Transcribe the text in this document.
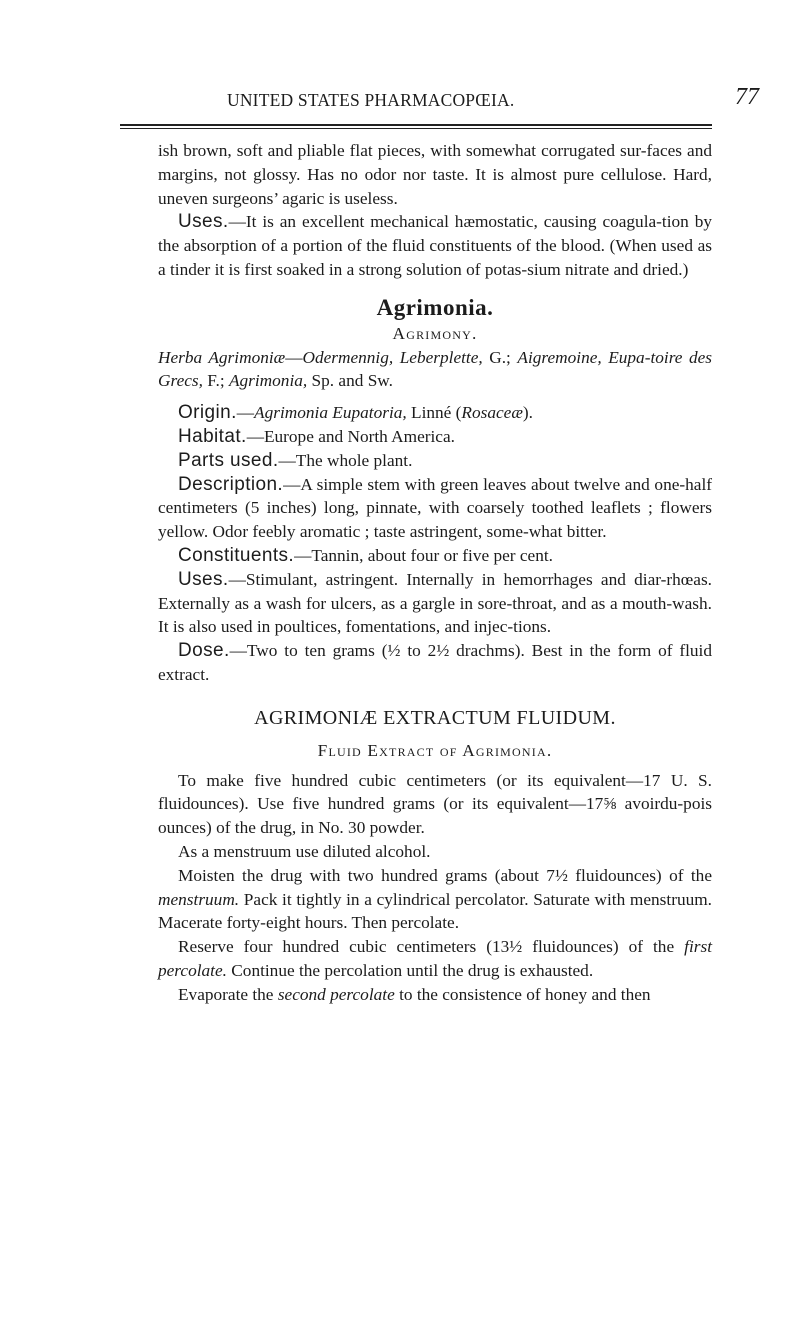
UNITED STATES PHARMACOPŒIA.	77

ish brown, soft and pliable flat pieces, with somewhat corrugated sur-faces and margins, not glossy. Has no odor nor taste. It is almost pure cellulose. Hard, uneven surgeons’ agaric is useless.

Uses.—It is an excellent mechanical hæmostatic, causing coagula-tion by the absorption of a portion of the fluid constituents of the blood. (When used as a tinder it is first soaked in a strong solution of potas-sium nitrate and dried.)

Agrimonia.
Agrimony.

Herba Agrimoniæ—Odermennig, Leberplette, G.; Aigremoine, Eupa-toire des Grecs, F.; Agrimonia, Sp. and Sw.

Origin.—Agrimonia Eupatoria, Linné (Rosaceæ).

Habitat.—Europe and North America.

Parts used.—The whole plant.

Description.—A simple stem with green leaves about twelve and one-half centimeters (5 inches) long, pinnate, with coarsely toothed leaflets ; flowers yellow. Odor feebly aromatic ; taste astringent, some-what bitter.

Constituents.—Tannin, about four or five per cent.

Uses.—Stimulant, astringent. Internally in hemorrhages and diar-rhœas. Externally as a wash for ulcers, as a gargle in sore-throat, and as a mouth-wash. It is also used in poultices, fomentations, and injec-tions.

Dose.—Two to ten grams (½ to 2½ drachms). Best in the form of fluid extract.

AGRIMONIÆ EXTRACTUM FLUIDUM.
Fluid Extract of Agrimonia.

To make five hundred cubic centimeters (or its equivalent—17 U. S. fluidounces). Use five hundred grams (or its equivalent—17⅝ avoirdu-pois ounces) of the drug, in No. 30 powder.

As a menstruum use diluted alcohol.

Moisten the drug with two hundred grams (about 7½ fluidounces) of the menstruum. Pack it tightly in a cylindrical percolator. Saturate with menstruum. Macerate forty-eight hours. Then percolate.

Reserve four hundred cubic centimeters (13½ fluidounces) of the first percolate. Continue the percolation until the drug is exhausted.

Evaporate the second percolate to the consistence of honey and then
